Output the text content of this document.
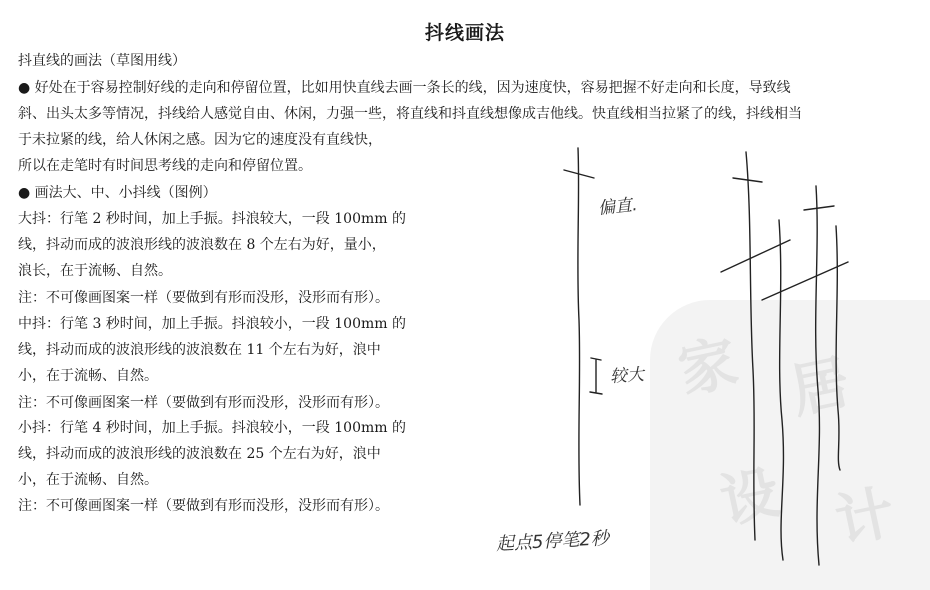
家 居
设 计
抖线画法
抖直线的画法（草图用线）
● 好处在于容易控制好线的走向和停留位置，比如用快直线去画一条长的线，因为速度快，容易把握不好走向和长度，导致线
斜、出头太多等情况，抖线给人感觉自由、休闲，力强一些，将直线和抖直线想像成吉他线。快直线相当拉紧了的线，抖线相当
于未拉紧的线，给人休闲之感。因为它的速度没有直线快，
所以在走笔时有时间思考线的走向和停留位置。
● 画法大、中、小抖线（图例）
大抖：行笔 2 秒时间，加上手振。抖浪较大，一段 100mm 的
线，抖动而成的波浪形线的波浪数在 8 个左右为好，量小，
浪长，在于流畅、自然。
注：不可像画图案一样（要做到有形而没形，没形而有形）。
中抖：行笔 3 秒时间，加上手振。抖浪较小，一段 100mm 的
线，抖动而成的波浪形线的波浪数在 11 个左右为好，浪中
小，在于流畅、自然。
注：不可像画图案一样（要做到有形而没形，没形而有形）。
小抖：行笔 4 秒时间，加上手振。抖浪较小，一段 100mm 的
线，抖动而成的波浪形线的波浪数在 25 个左右为好，浪中
小，在于流畅、自然。
注：不可像画图案一样（要做到有形而没形，没形而有形）。
偏直.
较大
起点5停笔2秒
